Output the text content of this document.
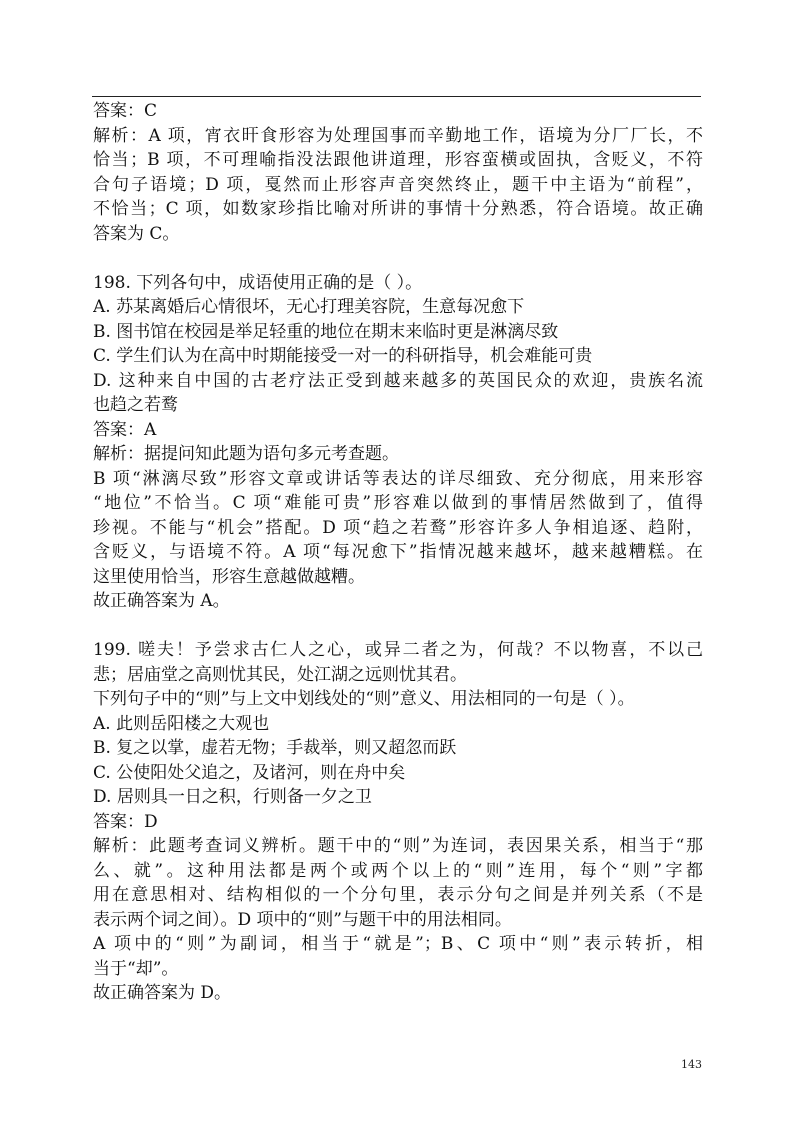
答案：C
解析：A 项，宵衣旰食形容为处理国事而辛勤地工作，语境为分厂厂长，不
恰当；B 项，不可理喻指没法跟他讲道理，形容蛮横或固执，含贬义，不符
合句子语境；D 项，戛然而止形容声音突然终止，题干中主语为“前程”，
不恰当；C 项，如数家珍指比喻对所讲的事情十分熟悉，符合语境。故正确
答案为 C。
198. 下列各句中，成语使用正确的是（ ）。
A. 苏某离婚后心情很坏，无心打理美容院，生意每况愈下
B. 图书馆在校园是举足轻重的地位在期末来临时更是淋漓尽致
C. 学生们认为在高中时期能接受一对一的科研指导，机会难能可贵
D. 这种来自中国的古老疗法正受到越来越多的英国民众的欢迎，贵族名流
也趋之若鹜
答案：A
解析：据提问知此题为语句多元考查题。
B 项“淋漓尽致”形容文章或讲话等表达的详尽细致、充分彻底，用来形容
“地位”不恰当。C 项“难能可贵”形容难以做到的事情居然做到了，值得
珍视。不能与“机会”搭配。D 项“趋之若鹜”形容许多人争相追逐、趋附，
含贬义，与语境不符。A 项“每况愈下”指情况越来越坏，越来越糟糕。在
这里使用恰当，形容生意越做越糟。
故正确答案为 A。
199. 嗟夫！予尝求古仁人之心，或异二者之为，何哉？不以物喜，不以己
悲；居庙堂之高则忧其民，处江湖之远则忧其君。
下列句子中的“则”与上文中划线处的“则”意义、用法相同的一句是（ ）。
A. 此则岳阳楼之大观也
B. 复之以掌，虚若无物；手裁举，则又超忽而跃
C. 公使阳处父追之，及诸河，则在舟中矣
D. 居则具一日之积，行则备一夕之卫
答案：D
解析：此题考查词义辨析。题干中的“则”为连词，表因果关系，相当于“那
么、就”。这种用法都是两个或两个以上的“则”连用，每个“则”字都
用在意思相对、结构相似的一个分句里，表示分句之间是并列关系（不是
表示两个词之间）。D 项中的“则”与题干中的用法相同。
A 项中的“则”为副词，相当于“就是”；B、C 项中“则”表示转折，相
当于“却”。
故正确答案为 D。
143
